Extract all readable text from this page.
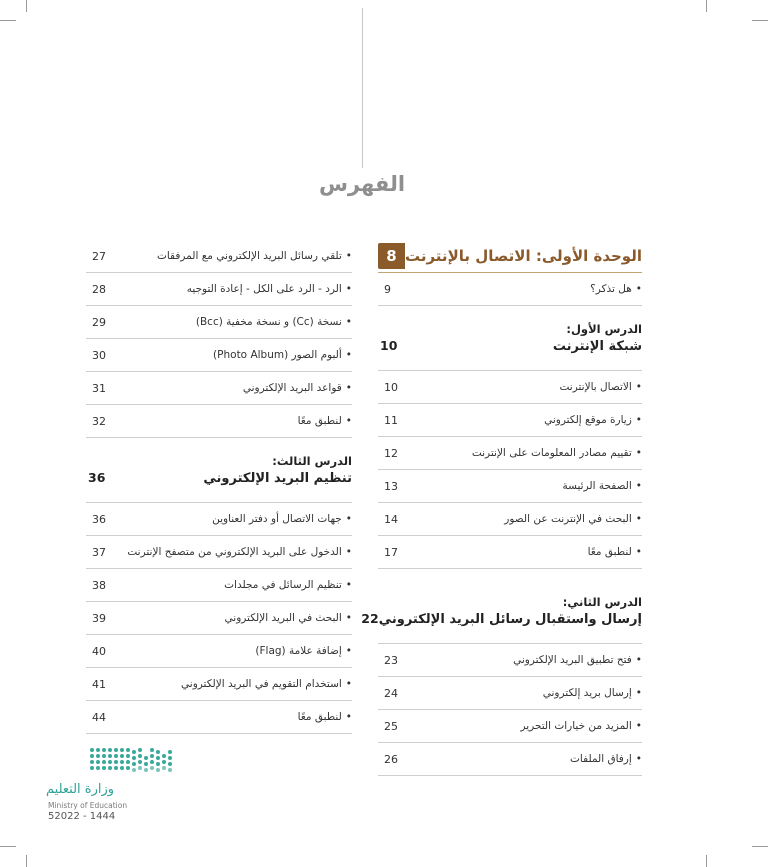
الفهرس
الوحدة الأولى: الاتصال بالإنترنت
8
• هل تذكر؟
9
الدرس الأول:
شبكة الإنترنت
10
• الاتصال بالإنترنت
10
• زيارة موقع إلكتروني
11
• تقييم مصادر المعلومات على الإنترنت
12
• الصفحة الرئيسة
13
• البحث في الإنترنت عن الصور
14
• لنطبق معًا
17
الدرس الثاني:
إرسال واستقبال رسائل البريد الإلكتروني
22
• فتح تطبيق البريد الإلكتروني
23
• إرسال بريد إلكتروني
24
• المزيد من خيارات التحرير
25
• إرفاق الملفات
26
• تلقي رسائل البريد الإلكتروني مع المرفقات
27
• الرد - الرد على الكل - إعادة التوجيه
28
• نسخة (Cc) و نسخة مخفية (Bcc)
29
• ألبوم الصور (Photo Album)
30
• قواعد البريد الإلكتروني
31
• لنطبق معًا
32
الدرس الثالث:
تنظيم البريد الإلكتروني
36
• جهات الاتصال أو دفتر العناوين
36
• الدخول على البريد الإلكتروني من متصفح الإنترنت
37
• تنظيم الرسائل في مجلدات
38
• البحث في البريد الإلكتروني
39
• إضافة علامة (Flag)
40
• استخدام التقويم في البريد الإلكتروني
41
• لنطبق معًا
44
وزارة التعليم
Ministry of Education
52022 - 1444
